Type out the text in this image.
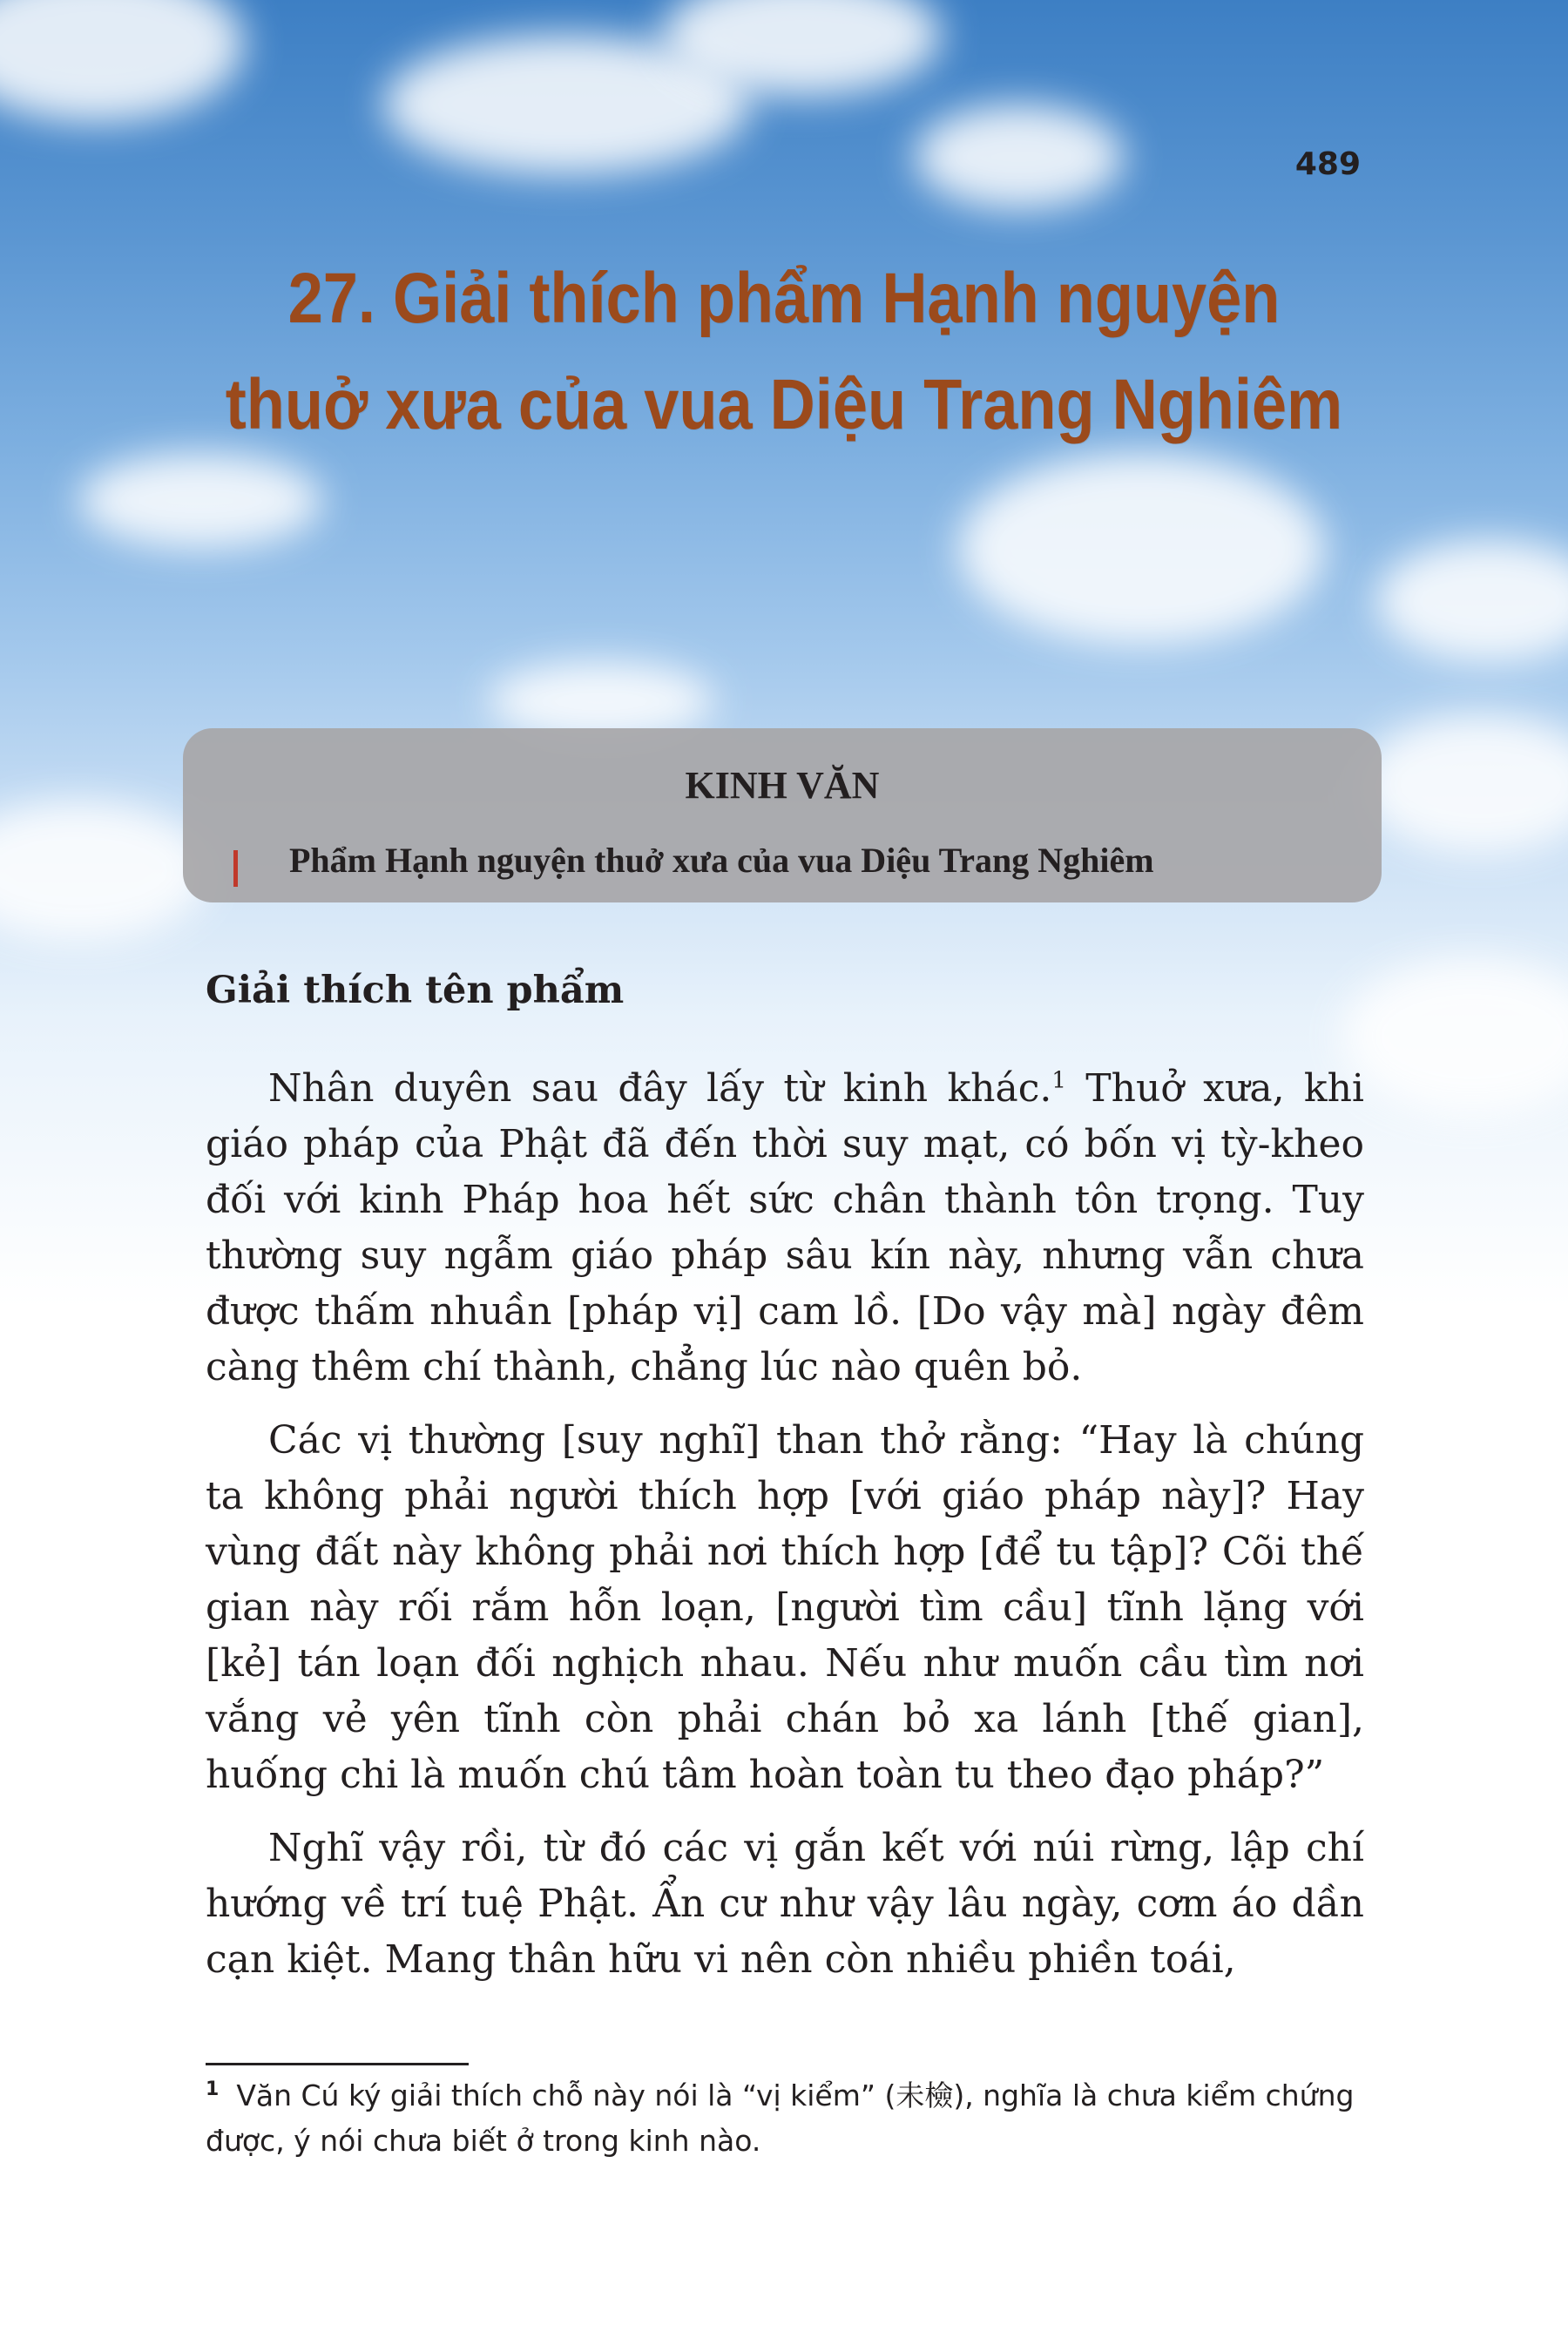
489
27. Giải thích phẩm Hạnh nguyện
thuở xưa của vua Diệu Trang Nghiêm
KINH VĂN
Phẩm Hạnh nguyện thuở xưa của vua Diệu Trang Nghiêm
Giải thích tên phẩm

Nhân duyên sau đây lấy từ kinh khác.$^1$ Thuở xưa, khi giáo pháp của Phật đã đến thời suy mạt, có bốn vị tỳ-kheo đối với kinh Pháp hoa hết sức chân thành tôn trọng. Tuy thường suy ngẫm giáo pháp sâu kín này, nhưng vẫn chưa được thấm nhuần [pháp vị] cam lồ. [Do vậy mà] ngày đêm càng thêm chí thành, chẳng lúc nào quên bỏ.

Các vị thường [suy nghĩ] than thở rằng: “Hay là chúng ta không phải người thích hợp [với giáo pháp này]? Hay vùng đất này không phải nơi thích hợp [để tu tập]? Cõi thế gian này rối rắm hỗn loạn, [người tìm cầu] tĩnh lặng với [kẻ] tán loạn đối nghịch nhau. Nếu như muốn cầu tìm nơi vắng vẻ yên tĩnh còn phải chán bỏ xa lánh [thế gian], huống chi là muốn chú tâm hoàn toàn tu theo đạo pháp?”

Nghĩ vậy rồi, từ đó các vị gắn kết với núi rừng, lập chí hướng về trí tuệ Phật. Ẩn cư như vậy lâu ngày, cơm áo dần cạn kiệt. Mang thân hữu vi nên còn nhiều phiền toái,

$^1$ Văn Cú ký giải thích chỗ này nói là “vị kiểm” (未檢), nghĩa là chưa kiểm chứng được, ý nói chưa biết ở trong kinh nào.
